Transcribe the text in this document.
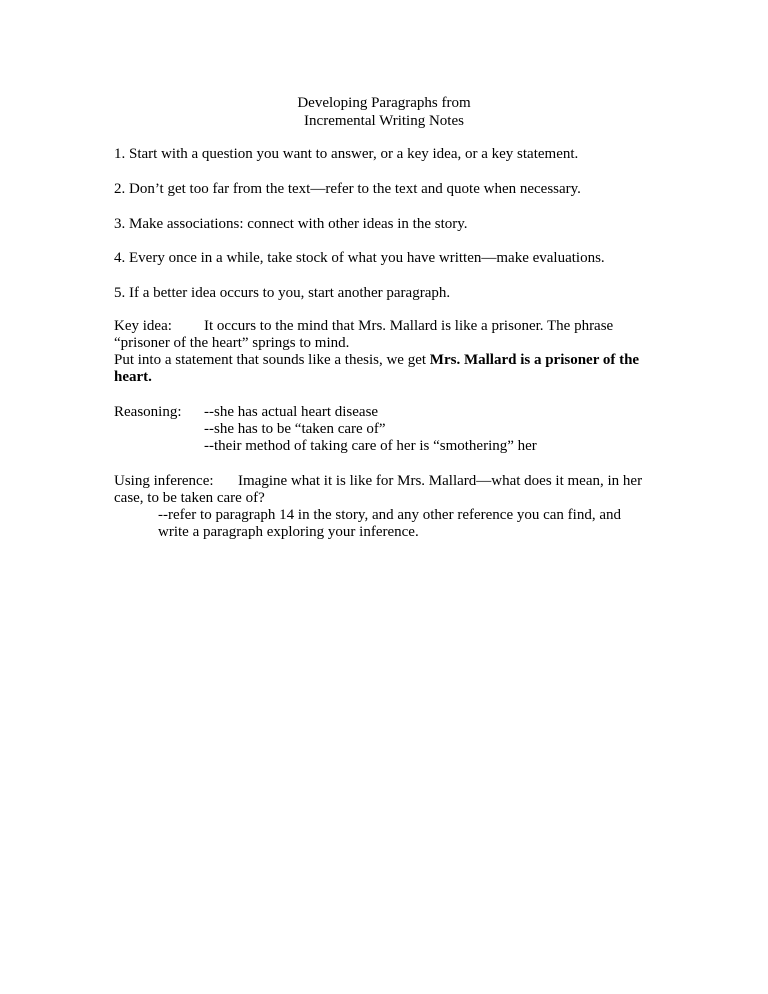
Developing Paragraphs from
Incremental Writing Notes

1. Start with a question you want to answer, or a key idea, or a key statement.

2. Don’t get too far from the text—refer to the text and quote when necessary.

3. Make associations: connect with other ideas in the story.

4. Every once in a while, take stock of what you have written—make evaluations.

5. If a better idea occurs to you, start another paragraph.

Key idea: It occurs to the mind that Mrs. Mallard is like a prisoner. The phrase
“prisoner of the heart” springs to mind.
Put into a statement that sounds like a thesis, we get Mrs. Mallard is a prisoner of the
heart.
Reasoning: --she has actual heart disease
--she has to be “taken care of”
--their method of taking care of her is “smothering” her
Using inference: Imagine what it is like for Mrs. Mallard—what does it mean, in her
case, to be taken care of?
--refer to paragraph 14 in the story, and any other reference you can find, and
write a paragraph exploring your inference.
